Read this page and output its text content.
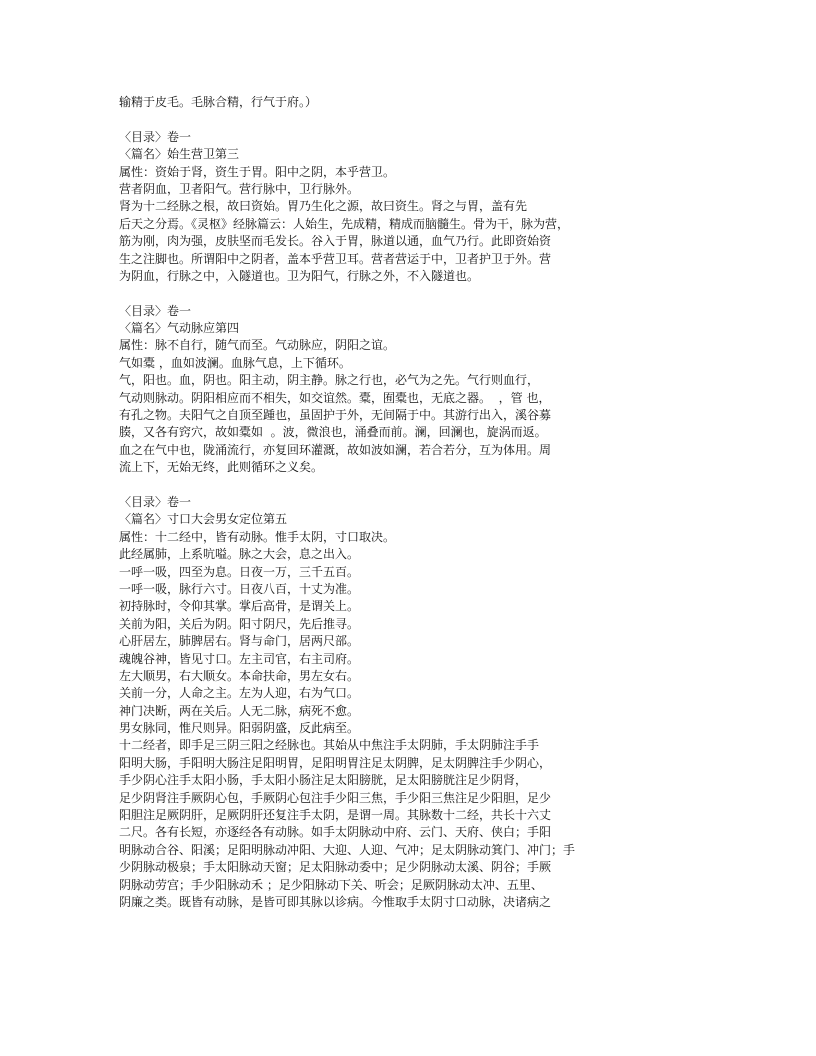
输精于皮毛。毛脉合精，行气于府。）
〈目录〉卷一
〈篇名〉始生营卫第三
属性：资始于肾，资生于胃。阳中之阴，本乎营卫。
营者阴血，卫者阳气。营行脉中，卫行脉外。
肾为十二经脉之根，故曰资始。胃乃生化之源，故曰资生。肾之与胃，盖有先
后天之分焉。《灵枢》经脉篇云：人始生，先成精，精成而脑髓生。骨为干，脉为营，
筋为刚，肉为强，皮肤坚而毛发长。谷入于胃，脉道以通，血气乃行。此即资始资
生之注脚也。所谓阳中之阴者，盖本乎营卫耳。营者营运于中，卫者护卫于外。营
为阴血，行脉之中，入隧道也。卫为阳气，行脉之外，不入隧道也。
〈目录〉卷一
〈篇名〉气动脉应第四
属性：脉不自行，随气而至。气动脉应，阴阳之谊。
气如橐 ，血如波澜。血脉气息，上下循环。
气，阳也。血，阴也。阳主动，阴主静。脉之行也，必气为之先。气行则血行，
气动则脉动。阴阳相应而不相失，如交谊然。橐，囿橐也，无底之器。  ，管 也，
有孔之物。夫阳气之自顶至踵也，虽固护于外，无间隔于中。其游行出入，溪谷募
腠，又各有窍穴，故如橐如  。波，微浪也，涌叠而前。澜，回澜也，旋涡而返。
血之在气中也，陇涌流行，亦复回环灌溉，故如波如澜，若合若分，互为体用。周
流上下，无始无终，此则循环之义矣。
〈目录〉卷一
〈篇名〉寸口大会男女定位第五
属性：十二经中，皆有动脉。惟手太阴，寸口取决。
此经属肺，上系吭嗌。脉之大会，息之出入。
一呼一吸，四至为息。日夜一万，三千五百。
一呼一吸，脉行六寸。日夜八百，十丈为准。
初持脉时，令仰其掌。掌后高骨，是谓关上。
关前为阳，关后为阴。阳寸阴尺，先后推寻。
心肝居左，肺脾居右。肾与命门，居两尺部。
魂魄谷神，皆见寸口。左主司官，右主司府。
左大顺男，右大顺女。本命扶命，男左女右。
关前一分，人命之主。左为人迎，右为气口。
神门决断，两在关后。人无二脉，病死不愈。
男女脉同，惟尺则异。阳弱阴盛，反此病至。
十二经者，即手足三阴三阳之经脉也。其始从中焦注手太阴肺，手太阴肺注手手
阳明大肠，手阳明大肠注足阳明胃，足阳明胃注足太阴脾，足太阴脾注手少阴心，
手少阴心注手太阳小肠，手太阳小肠注足太阳膀胱，足太阳膀胱注足少阴肾，
足少阴肾注手厥阴心包，手厥阴心包注手少阳三焦，手少阳三焦注足少阳胆，足少
阳胆注足厥阴肝，足厥阴肝还复注手太阴，是谓一周。其脉数十二经，共长十六丈
二尺。各有长短，亦逐经各有动脉。如手太阴脉动中府、云门、天府、侠白；手阳
明脉动合谷、阳溪；足阳明脉动冲阳、大迎、人迎、气冲；足太阴脉动箕门、冲门；手
少阴脉动极泉；手太阳脉动天窗；足太阳脉动委中；足少阴脉动太溪、阴谷；手厥
阴脉动劳宫；手少阳脉动禾 ；足少阳脉动下关、听会；足厥阴脉动太冲、五里、
阴廉之类。既皆有动脉，是皆可即其脉以诊病。今惟取手太阴寸口动脉，决诸病之
